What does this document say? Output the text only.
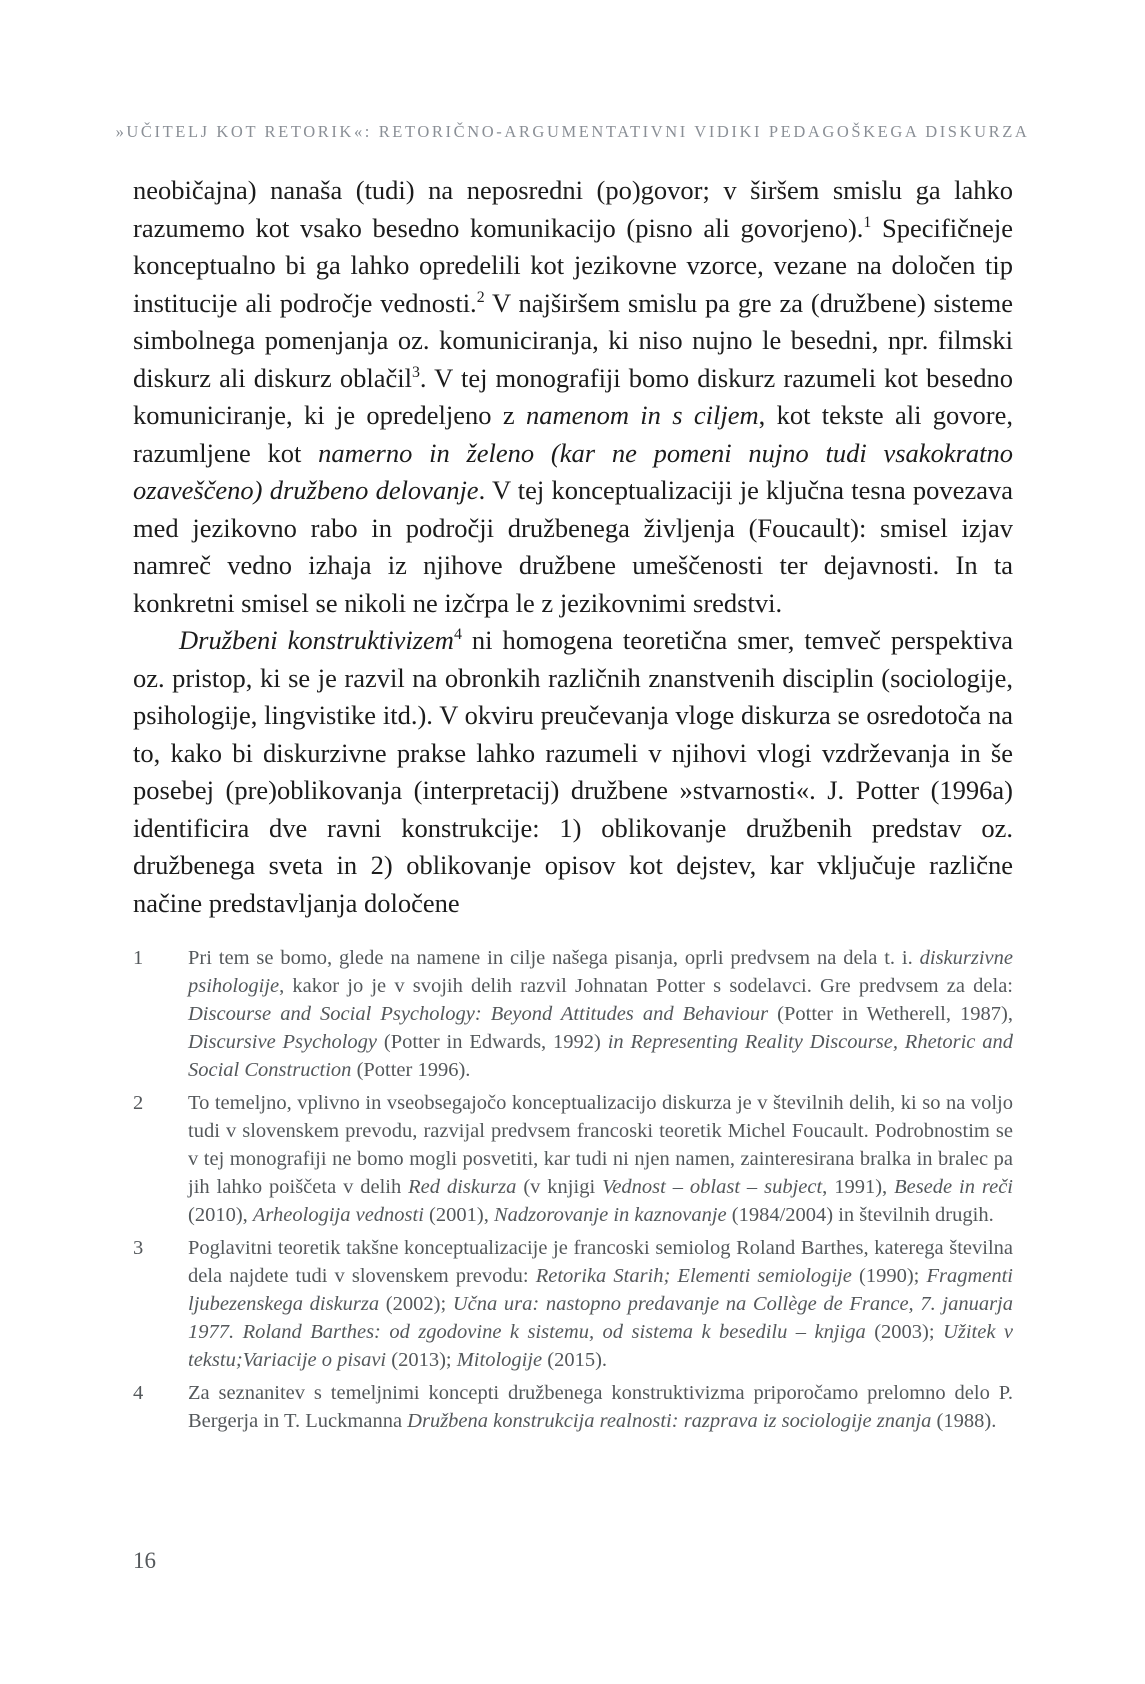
»UČITELJ KOT RETORIK«: RETORIČNO-ARGUMENTATIVNI VIDIKI PEDAGOŠKEGA DISKURZA

neobičajna) nanaša (tudi) na neposredni (po)govor; v širšem smislu ga lahko razumemo kot vsako besedno komunikacijo (pisno ali govorjeno).$^1$ Specifičneje konceptualno bi ga lahko opredelili kot jezikovne vzorce, vezane na določen tip institucije ali področje vednosti.$^2$ V najširšem smislu pa gre za (družbene) sisteme simbolnega pomenjanja oz. komuniciranja, ki niso nujno le besedni, npr. filmski diskurz ali diskurz oblačil$^3$. V tej monografiji bomo diskurz razumeli kot besedno komuniciranje, ki je opredeljeno z namenom in s ciljem, kot tekste ali govore, razumljene kot namerno in želeno (kar ne pomeni nujno tudi vsakokratno ozaveščeno) družbeno delovanje. V tej konceptualizaciji je ključna tesna povezava med jezikovno rabo in področji družbenega življenja (Foucault): smisel izjav namreč vedno izhaja iz njihove družbene umeščenosti ter dejavnosti. In ta konkretni smisel se nikoli ne izčrpa le z jezikovnimi sredstvi.

Družbeni konstruktivizem$^4$ ni homogena teoretična smer, temveč perspektiva oz. pristop, ki se je razvil na obronkih različnih znanstvenih disciplin (sociologije, psihologije, lingvistike itd.). V okviru preučevanja vloge diskurza se osredotoča na to, kako bi diskurzivne prakse lahko razumeli v njihovi vlogi vzdrževanja in še posebej (pre)oblikovanja (interpretacij) družbene »stvarnosti«. J. Potter (1996a) identificira dve ravni konstrukcije: 1) oblikovanje družbenih predstav oz. družbenega sveta in 2) oblikovanje opisov kot dejstev, kar vključuje različne načine predstavljanja določene

1	Pri tem se bomo, glede na namene in cilje našega pisanja, oprli predvsem na dela t. i. diskurzivne psihologije, kakor jo je v svojih delih razvil Johnatan Potter s sodelavci. Gre predvsem za dela: Discourse and Social Psychology: Beyond Attitudes and Behaviour (Potter in Wetherell, 1987), Discursive Psychology (Potter in Edwards, 1992) in Representing Reality Discourse, Rhetoric and Social Construction (Potter 1996).
2	To temeljno, vplivno in vseobsegajočo konceptualizacijo diskurza je v številnih delih, ki so na voljo tudi v slovenskem prevodu, razvijal predvsem francoski teoretik Michel Foucault. Podrobnostim se v tej monografiji ne bomo mogli posvetiti, kar tudi ni njen namen, zainteresirana bralka in bralec pa jih lahko poiščeta v delih Red diskurza (v knjigi Vednost – oblast – subject, 1991), Besede in reči (2010), Arheologija vednosti (2001), Nadzorovanje in kaznovanje (1984/2004) in številnih drugih.
3	Poglavitni teoretik takšne konceptualizacije je francoski semiolog Roland Barthes, katerega številna dela najdete tudi v slovenskem prevodu: Retorika Starih; Elementi semiologije (1990); Fragmenti ljubezenskega diskurza (2002); Učna ura: nastopno predavanje na Collège de France, 7. januarja 1977. Roland Barthes: od zgodovine k sistemu, od sistema k besedilu – knjiga (2003); Užitek v tekstu;Variacije o pisavi (2013); Mitologije (2015).
4	Za seznanitev s temeljnimi koncepti družbenega konstruktivizma priporočamo prelomno delo P. Bergerja in T. Luckmanna Družbena konstrukcija realnosti: razprava iz sociologije znanja (1988).
16
